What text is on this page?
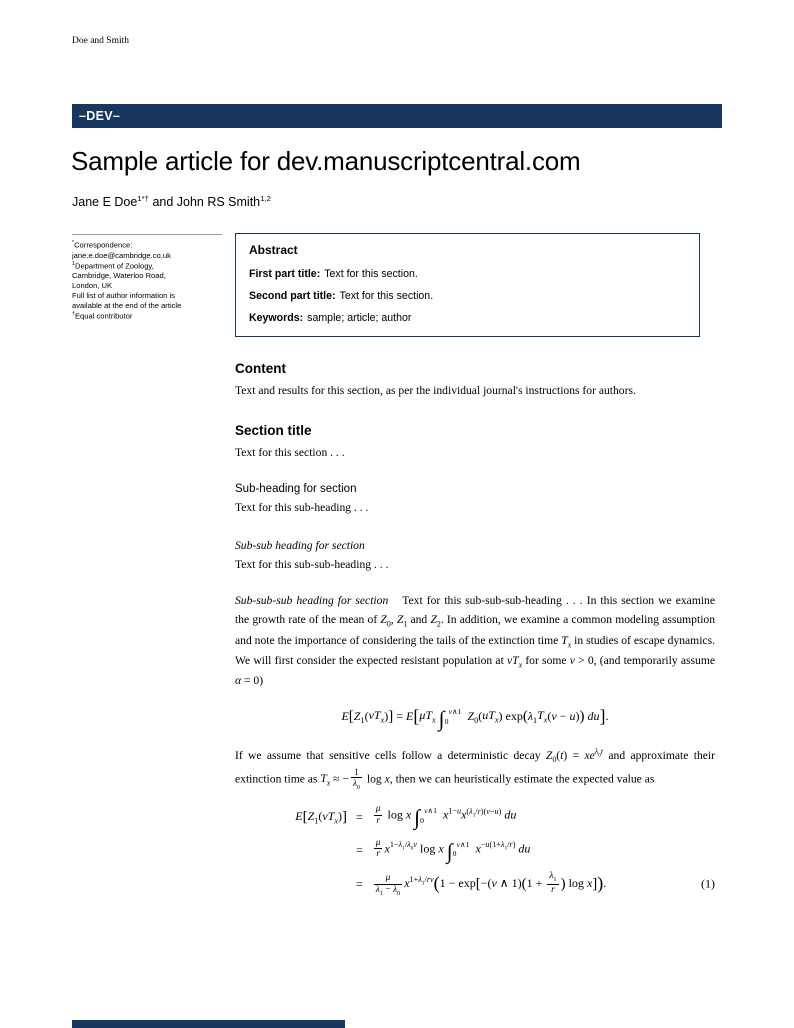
Doe and Smith
–DEV–
Sample article for dev.manuscriptcentral.com
Jane E Doe$^{1*\dagger}$ and John RS Smith$^{1,2}$
*Correspondence:
jane.e.doe@cambridge.co.uk
$^1$Department of Zoology,
Cambridge, Waterloo Road,
London, UK
Full list of author information is
available at the end of the article
†Equal contributor
Abstract
First part title: Text for this section.
Second part title: Text for this section.
Keywords: sample; article; author
Content

Text and results for this section, as per the individual journal's instructions for authors.

Section title

Text for this section . . .

Sub-heading for section

Text for this sub-heading . . .

Sub-sub heading for section

Text for this sub-sub-heading . . .

Sub-sub-sub heading for section Text for this sub-sub-sub-heading . . . In this section we examine the growth rate of the mean of $Z_0$, $Z_1$ and $Z_2$. In addition, we examine a common modeling assumption and note the importance of considering the tails of the extinction time $T_x$ in studies of escape dynamics. We will first consider the expected resistant population at $vT_x$ for some v > 0, (and temporarily assume α = 0)

$E[Z_1(vT_x)] = E[\mu T_x$ ∫ v∧1
0	$Z_0(uT_x) \exp(\lambda_1T_x(v - u))$ du].

If we assume that sensitive cells follow a deterministic decay $Z_0(t) = xe^{\lambda_0t}$ and approximate their extinction time as $T_x$ ≈ − $\frac{1}{\lambda_0}$ log x, then we can heuristically estimate the expected value as

$E[Z_1(vT_x)]$ =	$\frac{\mu}{r}$ log x ∫ v∧1
0	$x^{1-u}x^{(\lambda_1/r)(v-u)}$ du
=	$\frac{\mu}{r} x^{1-\lambda_1/\lambda_0v}$ log x ∫ v∧1
0	$x^{-u(1+\lambda_1/r)}$ du
=	$\frac{\mu}{\lambda_1 - \lambda_0} x^{1+\lambda_1/rv}(1 - \exp[-(v$ ∧ $1)(1 + \frac{\lambda_1}{r}$ ) log x]).	(1)
